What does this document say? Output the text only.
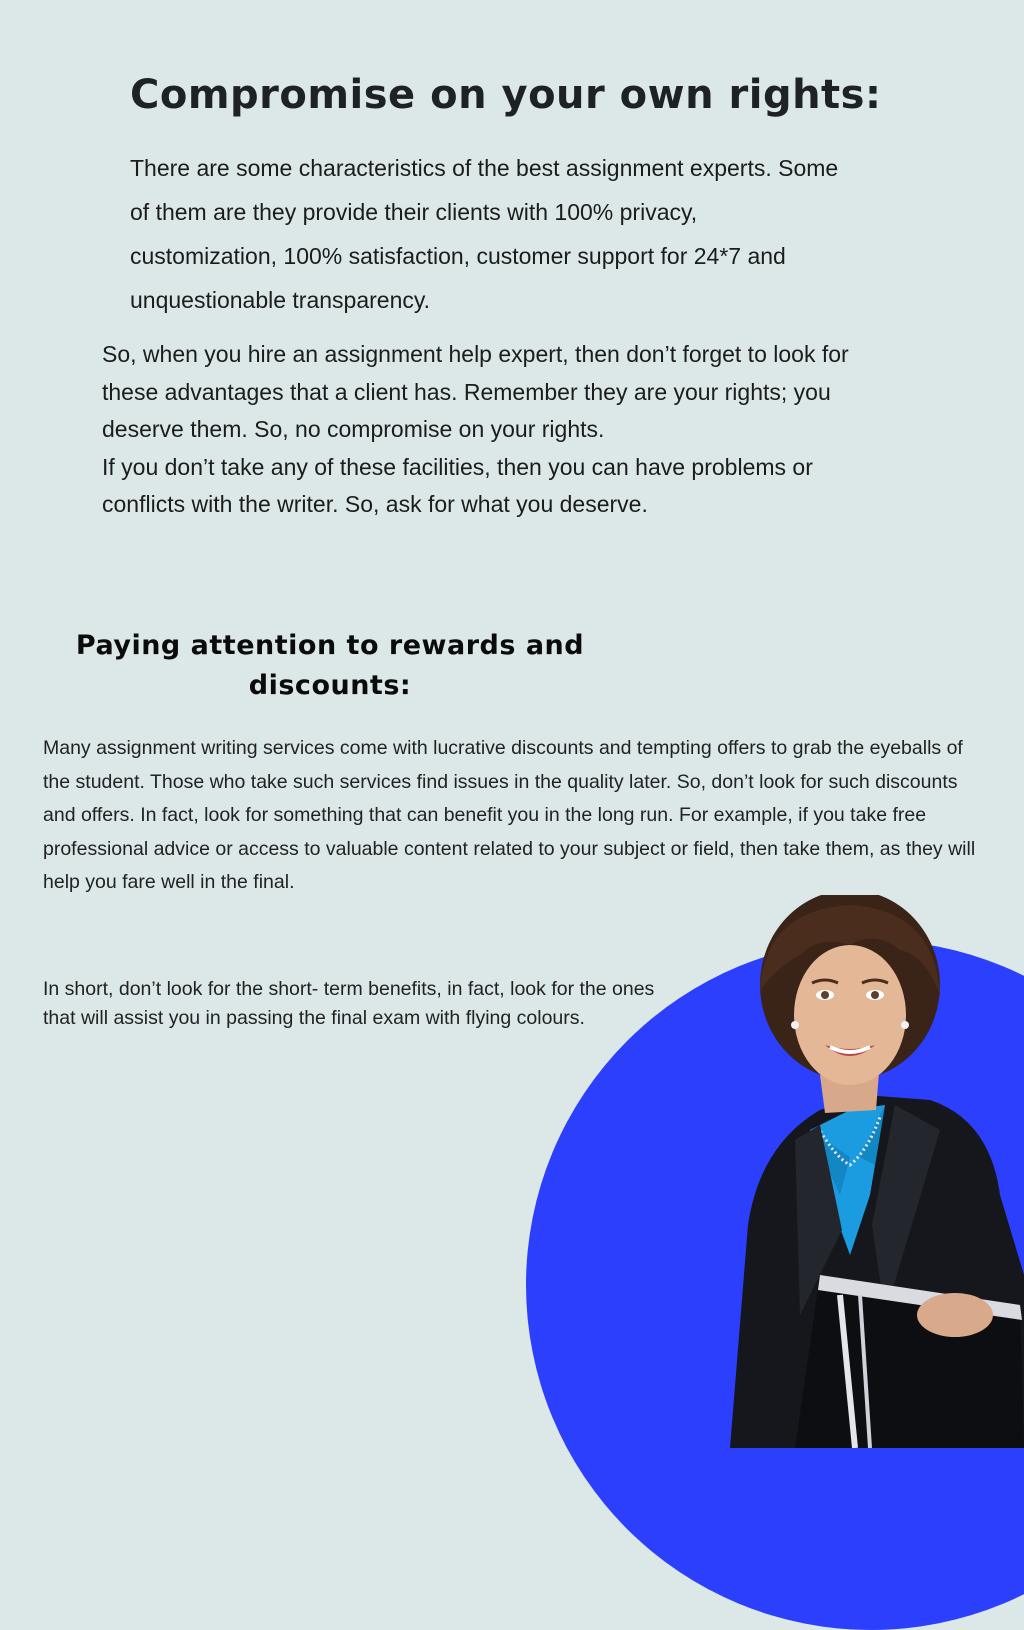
Compromise on your own rights:

There are some characteristics of the best assignment experts. Some of them are they provide their clients with 100% privacy, customization, 100% satisfaction, customer support for 24*7 and unquestionable transparency.

So, when you hire an assignment help expert, then don’t forget to look for these advantages that a client has. Remember they are your rights; you deserve them. So, no compromise on your rights.
If you don’t take any of these facilities, then you can have problems or conflicts with the writer. So, ask for what you deserve.
Paying attention to rewards and discounts:

Many assignment writing services come with lucrative discounts and tempting offers to grab the eyeballs of the student. Those who take such services find issues in the quality later. So, don’t look for such discounts and offers. In fact, look for something that can benefit you in the long run. For example, if you take free professional advice or access to valuable content related to your subject or field, then take them, as they will help you fare well in the final.

In short, don’t look for the short- term benefits, in fact, look for the ones that will assist you in passing the final exam with flying colours.
